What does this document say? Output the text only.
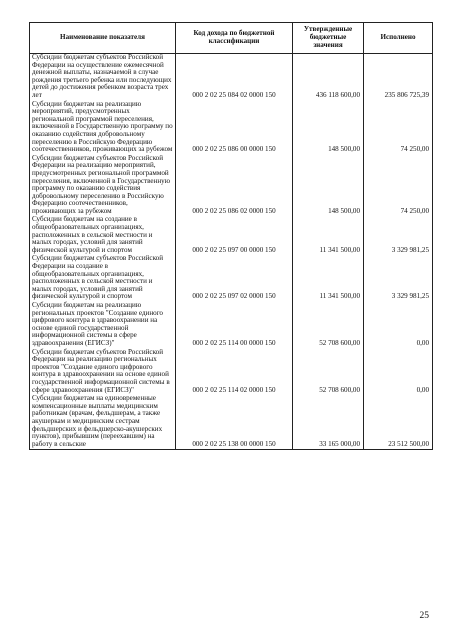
Наименование показателя	Код дохода по бюджетной классификации	Утвержденные бюджетные значения	Исполнено
Субсидии бюджетам субъектов Российской Федерации на осуществление ежемесячной денежной выплаты, назначаемой в случае рождения третьего ребенка или последующих детей до достижения ребенком возраста трех лет	000 2 02 25 084 02 0000 150	436 118 600,00	235 806 725,39
Субсидии бюджетам на реализацию мероприятий, предусмотренных региональной программой переселения, включенной в Государственную программу по оказанию содействия добровольному переселению в Российскую Федерацию соотечественников, проживающих за рубежом	000 2 02 25 086 00 0000 150	148 500,00	74 250,00
Субсидии бюджетам субъектов Российской Федерации на реализацию мероприятий, предусмотренных региональной программой переселения, включенной в Государственную программу по оказанию содействия добровольному переселению в Российскую Федерацию соотечественников, проживающих за рубежом	000 2 02 25 086 02 0000 150	148 500,00	74 250,00
Субсидии бюджетам на создание в общеобразовательных организациях, расположенных в сельской местности и малых городах, условий для занятий физической культурой и спортом	000 2 02 25 097 00 0000 150	11 341 500,00	3 329 981,25
Субсидии бюджетам субъектов Российской Федерации на создание в общеобразовательных организациях, расположенных в сельской местности и малых городах, условий для занятий физической культурой и спортом	000 2 02 25 097 02 0000 150	11 341 500,00	3 329 981,25
Субсидии бюджетам на реализацию региональных проектов "Создание единого цифрового контура в здравоохранении на основе единой государственной информационной системы в сфере здравоохранения (ЕГИСЗ)"	000 2 02 25 114 00 0000 150	52 708 600,00	0,00
Субсидии бюджетам субъектов Российской Федерации на реализацию региональных проектов "Создание единого цифрового контура в здравоохранении на основе единой государственной информационной системы в сфере здравоохранения (ЕГИСЗ)"	000 2 02 25 114 02 0000 150	52 708 600,00	0,00
Субсидии бюджетам на единовременные компенсационные выплаты медицинским работникам (врачам, фельдшерам, а также акушеркам и медицинским сестрам фельдшерских и фельдшерско-акушерских пунктов), прибывшим (переехавшим) на работу в сельские	000 2 02 25 138 00 0000 150	33 165 000,00	23 512 500,00
25
